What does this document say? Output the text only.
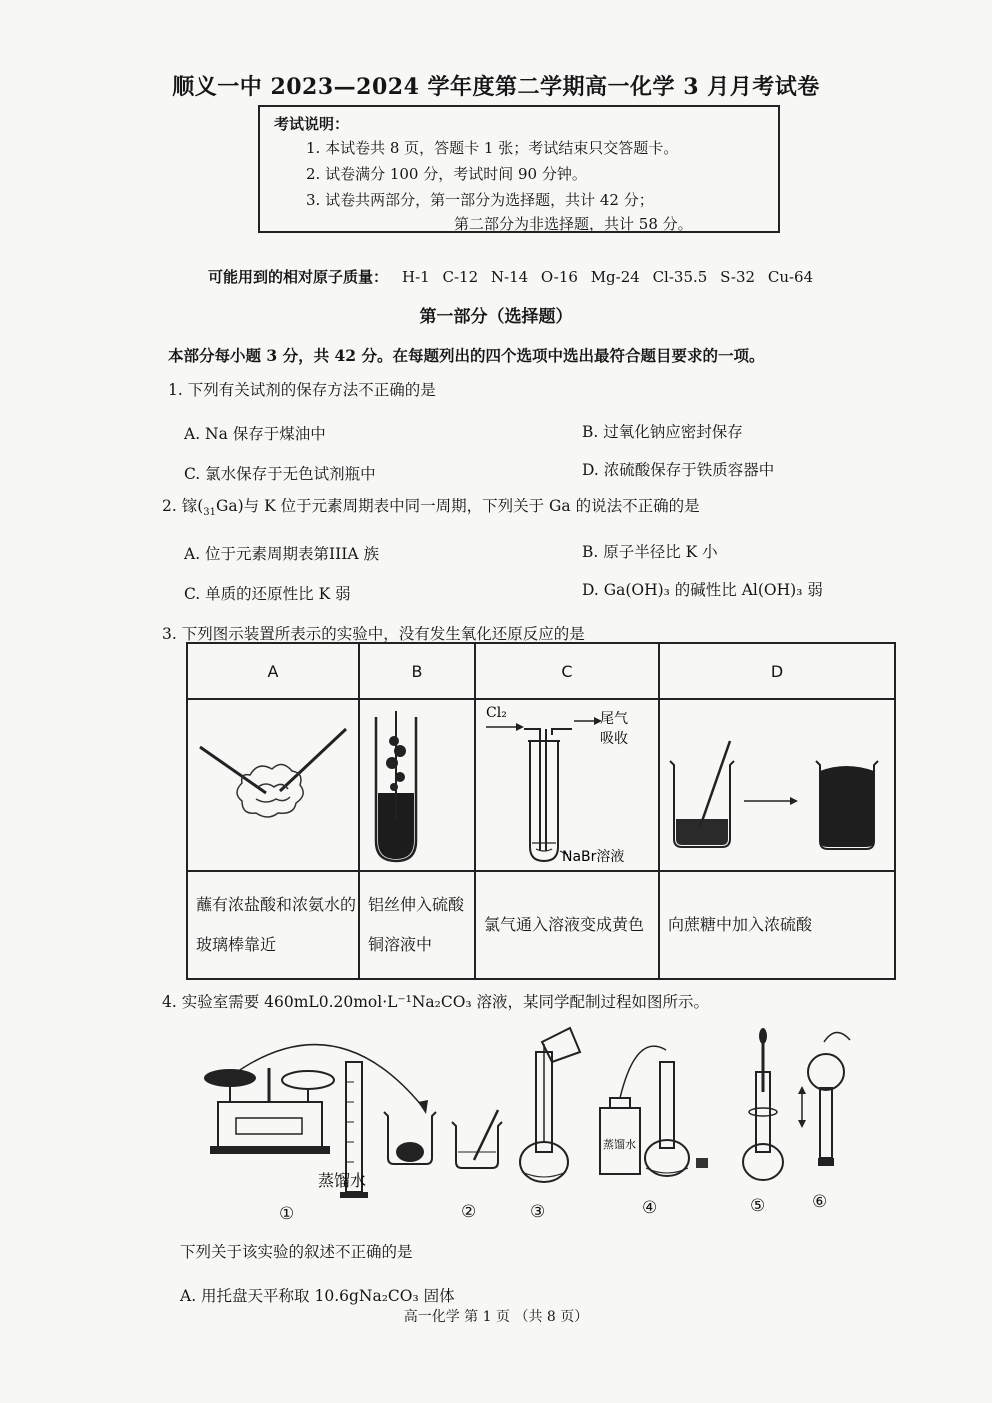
顺义一中 2023—2024 学年度第二学期高一化学 3 月月考试卷
考试说明：
1. 本试卷共 8 页，答题卡 1 张；考试结束只交答题卡。
2. 试卷满分 100 分，考试时间 90 分钟。
3. 试卷共两部分，第一部分为选择题，共计 42 分；
第二部分为非选择题，共计 58 分。
可能用到的相对原子质量： H-1 C-12 N-14 O-16 Mg-24 Cl-35.5 S-32 Cu-64
第一部分（选择题）
本部分每小题 3 分，共 42 分。在每题列出的四个选项中选出最符合题目要求的一项。
1. 下列有关试剂的保存方法不正确的是
A. Na 保存于煤油中	B. 过氧化钠应密封保存
C. 氯水保存于无色试剂瓶中	D. 浓硫酸保存于铁质容器中
2. 镓$(_{31}Ga)$与 K 位于元素周期表中同一周期，下列关于 Ga 的说法不正确的是
A. 位于元素周期表第IIIA 族	B. 原子半径比 K 小
C. 单质的还原性比 K 弱	D. Ga(OH)₃ 的碱性比 Al(OH)₃ 弱
3. 下列图示装置所表示的实验中，没有发生氧化还原反应的是
A	B	C	D

Cl₂ 尾气
吸收
NaBr溶液

蘸有浓盐酸和浓氨水的玻璃棒靠近	铝丝伸入硫酸铜溶液中	氯气通入溶液变成黄色	向蔗糖中加入浓硫酸
4. 实验室需要 460mL0.20mol·L⁻¹Na₂CO₃ 溶液，某同学配制过程如图所示。
蒸馏水
蒸馏水
①	②	③	④	⑤	⑥
下列关于该实验的叙述不正确的是
A. 用托盘天平称取 10.6gNa₂CO₃ 固体
高一化学 第 1 页 （共 8 页）
